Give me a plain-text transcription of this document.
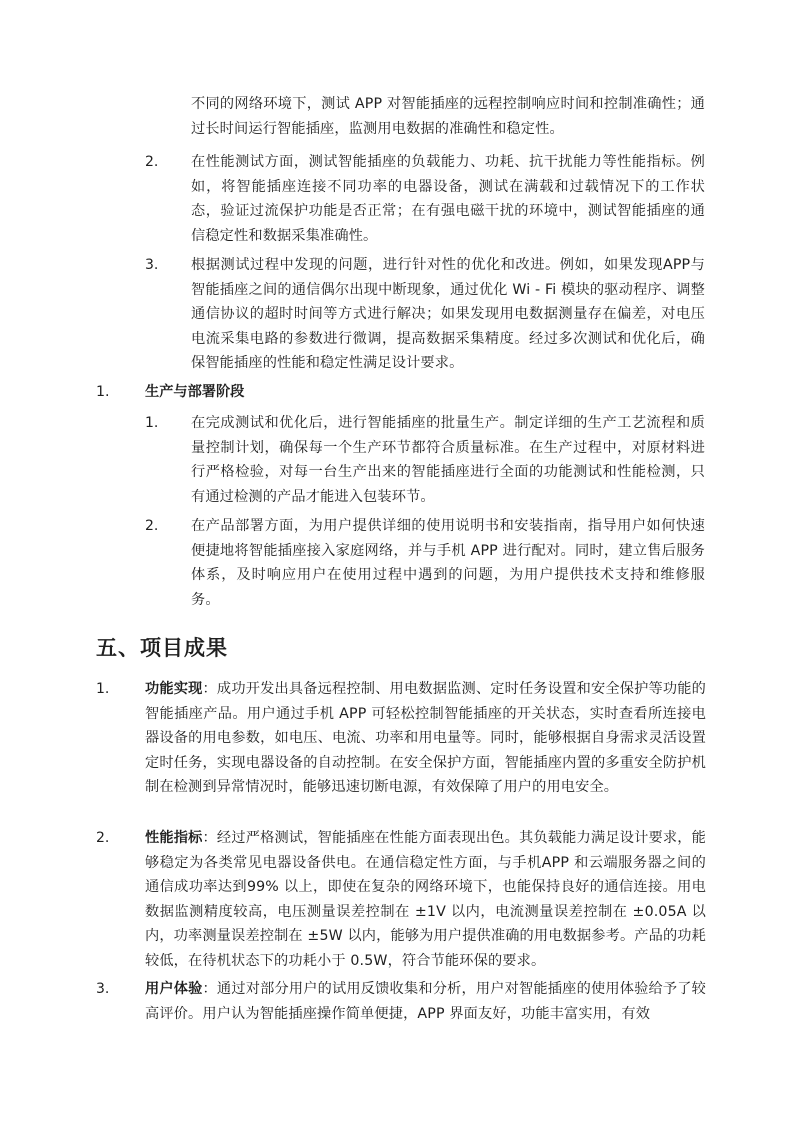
不同的网络环境下，测试 APP 对智能插座的远程控制响应时间和控制准确性；通过长时间运行智能插座，监测用电数据的准确性和稳定性。
2. 在性能测试方面，测试智能插座的负载能力、功耗、抗干扰能力等性能指标。例如，将智能插座连接不同功率的电器设备，测试在满载和过载情况下的工作状态，验证过流保护功能是否正常；在有强电磁干扰的环境中，测试智能插座的通信稳定性和数据采集准确性。
3. 根据测试过程中发现的问题，进行针对性的优化和改进。例如，如果发现APP与智能插座之间的通信偶尔出现中断现象，通过优化 Wi - Fi 模块的驱动程序、调整通信协议的超时时间等方式进行解决；如果发现用电数据测量存在偏差，对电压电流采集电路的参数进行微调，提高数据采集精度。经过多次测试和优化后，确保智能插座的性能和稳定性满足设计要求。
1. 生产与部署阶段
1. 在完成测试和优化后，进行智能插座的批量生产。制定详细的生产工艺流程和质量控制计划，确保每一个生产环节都符合质量标准。在生产过程中，对原材料进行严格检验，对每一台生产出来的智能插座进行全面的功能测试和性能检测，只有通过检测的产品才能进入包装环节。
2. 在产品部署方面，为用户提供详细的使用说明书和安装指南，指导用户如何快速便捷地将智能插座接入家庭网络，并与手机 APP 进行配对。同时，建立售后服务体系，及时响应用户在使用过程中遇到的问题，为用户提供技术支持和维修服务。
五、项目成果
1.	功能实现：成功开发出具备远程控制、用电数据监测、定时任务设置和安全保护等功能的智能插座产品。用户通过手机 APP 可轻松控制智能插座的开关状态，实时查看所连接电器设备的用电参数，如电压、电流、功率和用电量等。同时，能够根据自身需求灵活设置定时任务，实现电器设备的自动控制。在安全保护方面，智能插座内置的多重安全防护机制在检测到异常情况时，能够迅速切断电源，有效保障了用户的用电安全。
2.	性能指标：经过严格测试，智能插座在性能方面表现出色。其负载能力满足设计要求，能够稳定为各类常见电器设备供电。在通信稳定性方面，与手机APP 和云端服务器之间的通信成功率达到99% 以上，即使在复杂的网络环境下，也能保持良好的通信连接。用电数据监测精度较高，电压测量误差控制在 ±1V 以内，电流测量误差控制在 ±0.05A 以内，功率测量误差控制在 ±5W 以内，能够为用户提供准确的用电数据参考。产品的功耗较低，在待机状态下的功耗小于 0.5W，符合节能环保的要求。
3.	用户体验：通过对部分用户的试用反馈收集和分析，用户对智能插座的使用体验给予了较高评价。用户认为智能插座操作简单便捷，APP 界面友好，功能丰富实用，有效
